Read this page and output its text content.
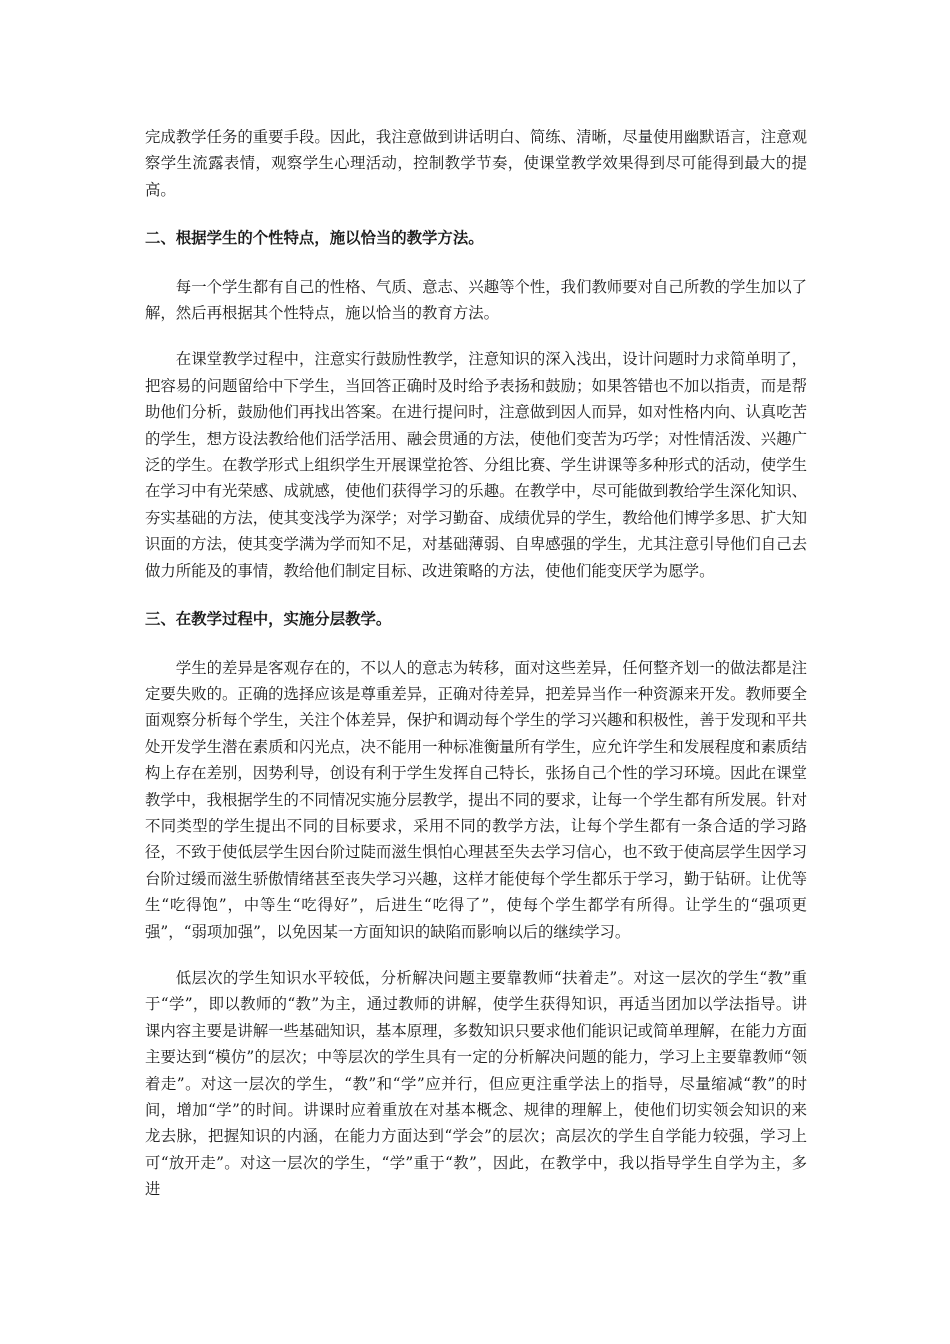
完成教学任务的重要手段。因此，我注意做到讲话明白、简练、清晰，尽量使用幽默语言，注意观察学生流露表情，观察学生心理活动，控制教学节奏，使课堂教学效果得到尽可能得到最大的提高。

二、根据学生的个性特点，施以恰当的教学方法。

每一个学生都有自己的性格、气质、意志、兴趣等个性，我们教师要对自己所教的学生加以了解，然后再根据其个性特点，施以恰当的教育方法。

在课堂教学过程中，注意实行鼓励性教学，注意知识的深入浅出，设计问题时力求简单明了，把容易的问题留给中下学生，当回答正确时及时给予表扬和鼓励；如果答错也不加以指责，而是帮助他们分析，鼓励他们再找出答案。在进行提问时，注意做到因人而异，如对性格内向、认真吃苦的学生，想方设法教给他们活学活用、融会贯通的方法，使他们变苦为巧学；对性情活泼、兴趣广泛的学生。在教学形式上组织学生开展课堂抢答、分组比赛、学生讲课等多种形式的活动，使学生在学习中有光荣感、成就感，使他们获得学习的乐趣。在教学中，尽可能做到教给学生深化知识、夯实基础的方法，使其变浅学为深学；对学习勤奋、成绩优异的学生，教给他们博学多思、扩大知识面的方法，使其变学满为学而知不足，对基础薄弱、自卑感强的学生，尤其注意引导他们自己去做力所能及的事情，教给他们制定目标、改进策略的方法，使他们能变厌学为愿学。

三、在教学过程中，实施分层教学。

学生的差异是客观存在的，不以人的意志为转移，面对这些差异，任何整齐划一的做法都是注定要失败的。正确的选择应该是尊重差异，正确对待差异，把差异当作一种资源来开发。教师要全面观察分析每个学生，关注个体差异，保护和调动每个学生的学习兴趣和积极性，善于发现和平共处开发学生潜在素质和闪光点，决不能用一种标准衡量所有学生，应允许学生和发展程度和素质结构上存在差别，因势利导，创设有利于学生发挥自己特长，张扬自己个性的学习环境。因此在课堂教学中，我根据学生的不同情况实施分层教学，提出不同的要求，让每一个学生都有所发展。针对不同类型的学生提出不同的目标要求，采用不同的教学方法，让每个学生都有一条合适的学习路径，不致于使低层学生因台阶过陡而滋生惧怕心理甚至失去学习信心，也不致于使高层学生因学习台阶过缓而滋生骄傲情绪甚至丧失学习兴趣，这样才能使每个学生都乐于学习，勤于钻研。让优等生“吃得饱”，中等生“吃得好”，后进生“吃得了”，使每个学生都学有所得。让学生的“强项更强”，“弱项加强”，以免因某一方面知识的缺陷而影响以后的继续学习。

低层次的学生知识水平较低，分析解决问题主要靠教师“扶着走”。对这一层次的学生“教”重于“学”，即以教师的“教”为主，通过教师的讲解，使学生获得知识，再适当团加以学法指导。讲课内容主要是讲解一些基础知识，基本原理，多数知识只要求他们能识记或简单理解，在能力方面主要达到“模仿”的层次；中等层次的学生具有一定的分析解决问题的能力，学习上主要靠教师“领着走”。对这一层次的学生，“教”和“学”应并行，但应更注重学法上的指导，尽量缩减“教”的时间，增加“学”的时间。讲课时应着重放在对基本概念、规律的理解上，使他们切实领会知识的来龙去脉，把握知识的内涵，在能力方面达到“学会”的层次；高层次的学生自学能力较强，学习上可“放开走”。对这一层次的学生，“学”重于“教”，因此，在教学中，我以指导学生自学为主，多进
